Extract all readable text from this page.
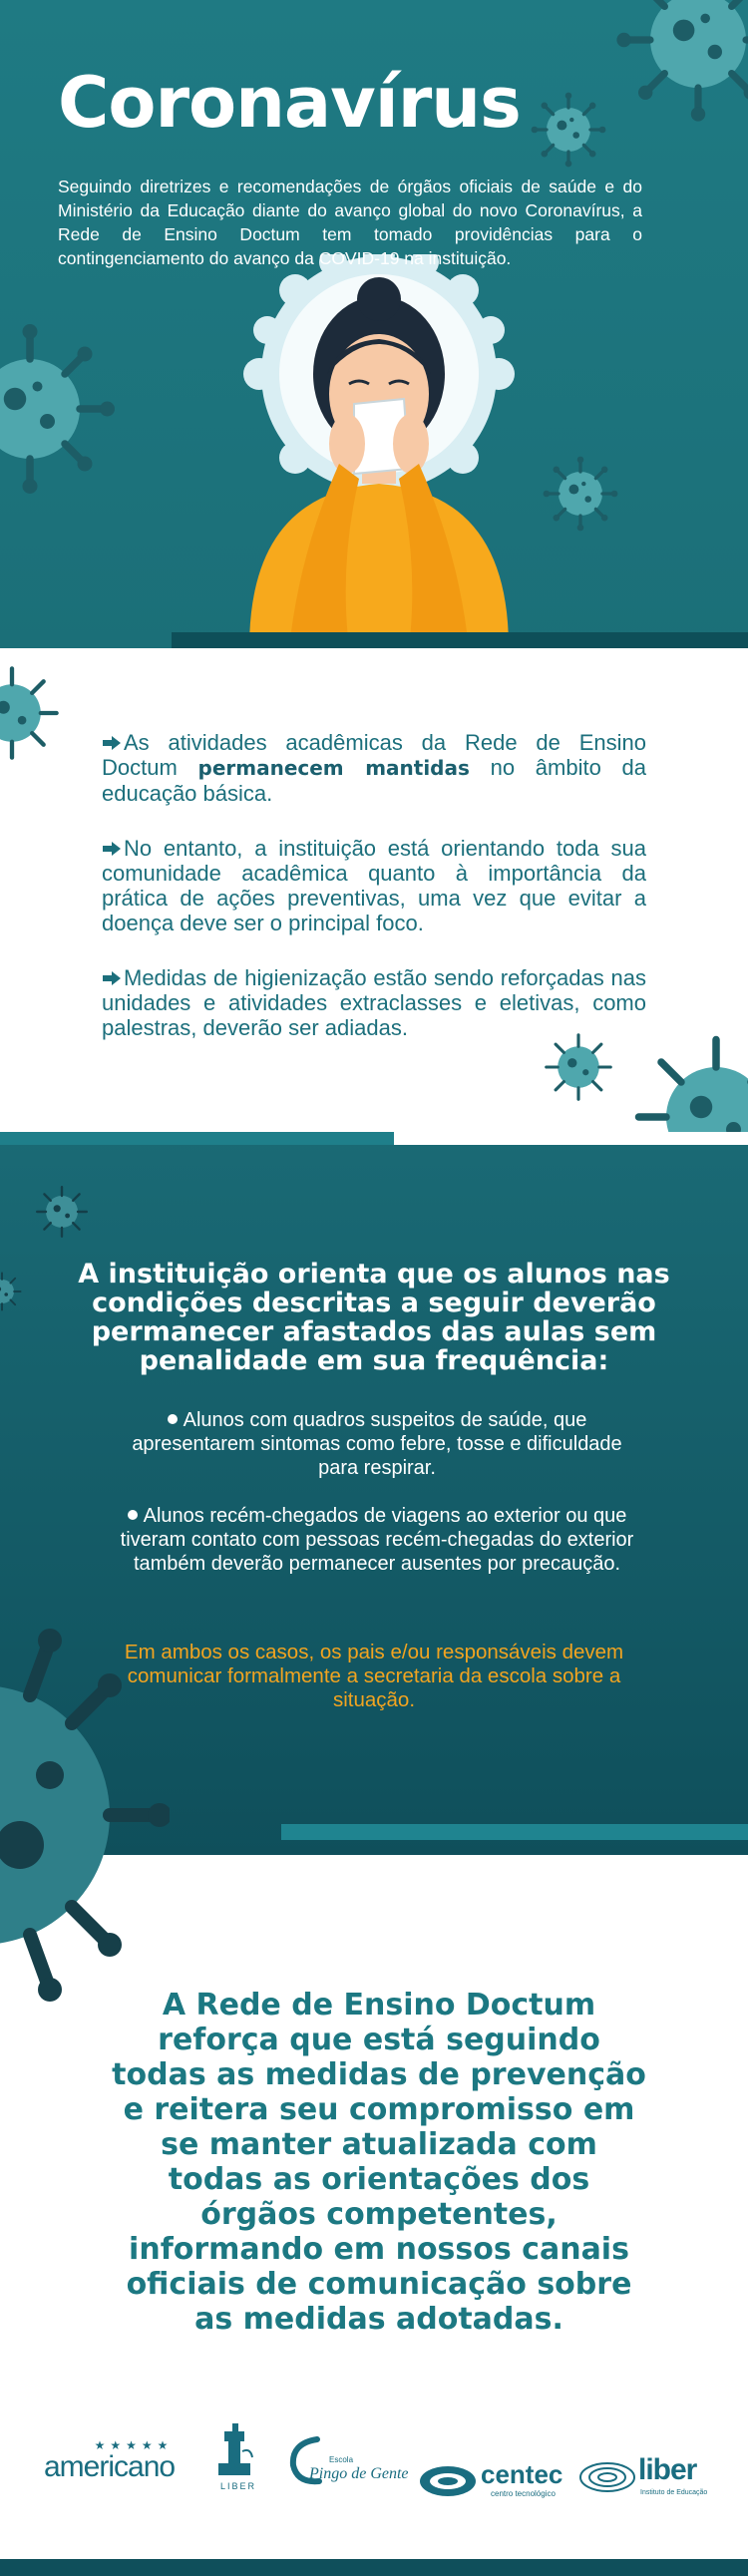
Coronavírus
Seguindo diretrizes e recomendações de órgãos oficiais de saúde e do Ministério da Educação diante do avanço global do novo Coronavírus, a Rede de Ensino Doctum tem tomado providências para o contingenciamento do avanço da COVID-19 na instituição.

As atividades acadêmicas da Rede de Ensino Doctum permanecem mantidas no âmbito da educação básica.

No entanto, a instituição está orientando toda sua comunidade acadêmica quanto à importância da prática de ações preventivas, uma vez que evitar a doença deve ser o principal foco.

Medidas de higienização estão sendo reforçadas nas unidades e atividades extraclasses e eletivas, como palestras, deverão ser adiadas.

A instituição orienta que os alunos nas condições descritas a seguir deverão permanecer afastados das aulas sem penalidade em sua frequência:
Alunos com quadros suspeitos de saúde, que apresentarem sintomas como febre, tosse e dificuldade para respirar.
Alunos recém-chegados de viagens ao exterior ou que tiveram contato com pessoas recém-chegadas do exterior também deverão permanecer ausentes por precaução.
Em ambos os casos, os pais e/ou responsáveis devem comunicar formalmente a secretaria da escola sobre a situação.
A Rede de Ensino Doctum reforça que está seguindo todas as medidas de prevenção e reitera seu compromisso em se manter atualizada com todas as orientações dos órgãos competentes, informando em nossos canais oficiais de comunicação sobre as medidas adotadas.
★★★★★
americano
LIBER
Escola
Pingo de Gente	centec
centro tecnológico
liber
Instituto de Educação
